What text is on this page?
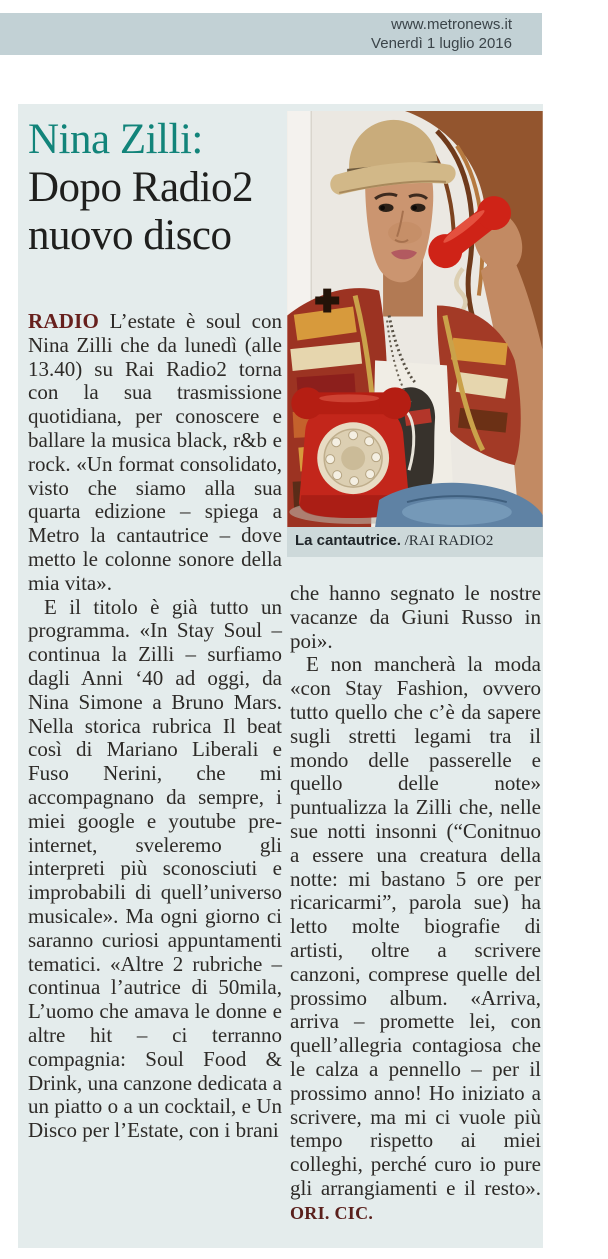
www.metronews.it
Venerdì 1 luglio 2016
Nina Zilli:
Dopo Radio2
nuovo disco
La cantautrice. /RAI RADIO2

RADIO L’estate è soul con Nina Zilli che da lunedì (alle 13.40) su Rai Radio2 torna con la sua trasmissione quotidiana, per conoscere e ballare la musica black, r&b e rock. «Un format consolidato, visto che siamo alla sua quarta edizione – spiega a Metro la cantautrice – dove metto le colonne sonore della mia vita».

E il titolo è già tutto un programma. «In Stay Soul – continua la Zilli – surfiamo dagli Anni ‘40 ad oggi, da Nina Simone a Bruno Mars. Nella storica rubrica Il beat così di Mariano Liberali e Fuso Nerini, che mi accompagnano da sempre, i miei google e youtube pre-internet, sveleremo gli interpreti più sconosciuti e improbabili di quell’universo musicale». Ma ogni giorno ci saranno curiosi appuntamenti tematici. «Altre 2 rubriche – continua l’autrice di 50mila, L’uomo che amava le donne e altre hit – ci terranno compagnia: Soul Food & Drink, una canzone dedicata a un piatto o a un cocktail, e Un Disco per l’Estate, con i brani

che hanno segnato le nostre vacanze da Giuni Russo in poi».

E non mancherà la moda «con Stay Fashion, ovvero tutto quello che c’è da sapere sugli stretti legami tra il mondo delle passerelle e quello delle note» puntualizza la Zilli che, nelle sue notti insonni (“Conitnuo a essere una creatura della notte: mi bastano 5 ore per ricaricarmi”, parola sue) ha letto molte biografie di artisti, oltre a scrivere canzoni, comprese quelle del prossimo album. «Arriva, arriva – promette lei, con quell’allegria contagiosa che le calza a pennello – per il prossimo anno! Ho iniziato a scrivere, ma mi ci vuole più tempo rispetto ai miei colleghi, perché curo io pure gli arrangiamenti e il resto». ORI. CIC.
